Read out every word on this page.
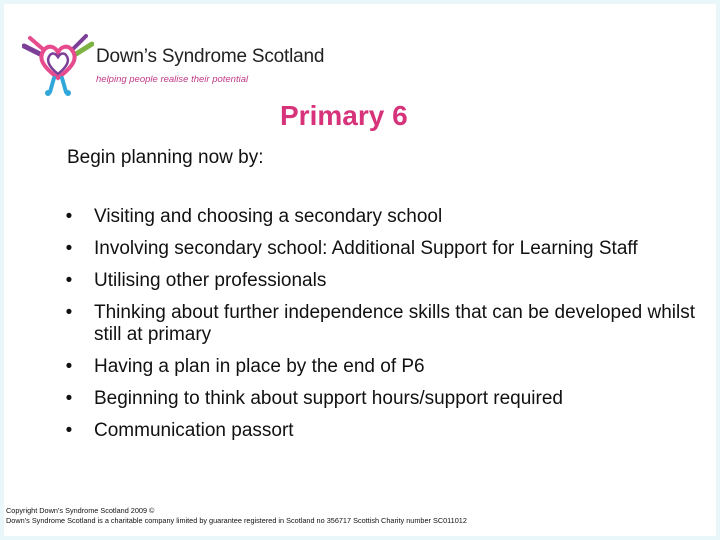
Down’s Syndrome Scotland
helping people realise their potential
Primary 6
Begin planning now by:
•	Visiting and choosing a secondary school
•	Involving secondary school: Additional Support for Learning Staff
•	Utilising other professionals
•	Thinking about further independence skills that can be developed whilst still at primary
•	Having a plan in place by the end of P6
•	Beginning to think about support hours/support required
•	Communication passort
Copyright Down’s Syndrome Scotland 2009 ©
Down’s Syndrome Scotland is a charitable company limited by guarantee registered in Scotland no 356717 Scottish Charity number SC011012
